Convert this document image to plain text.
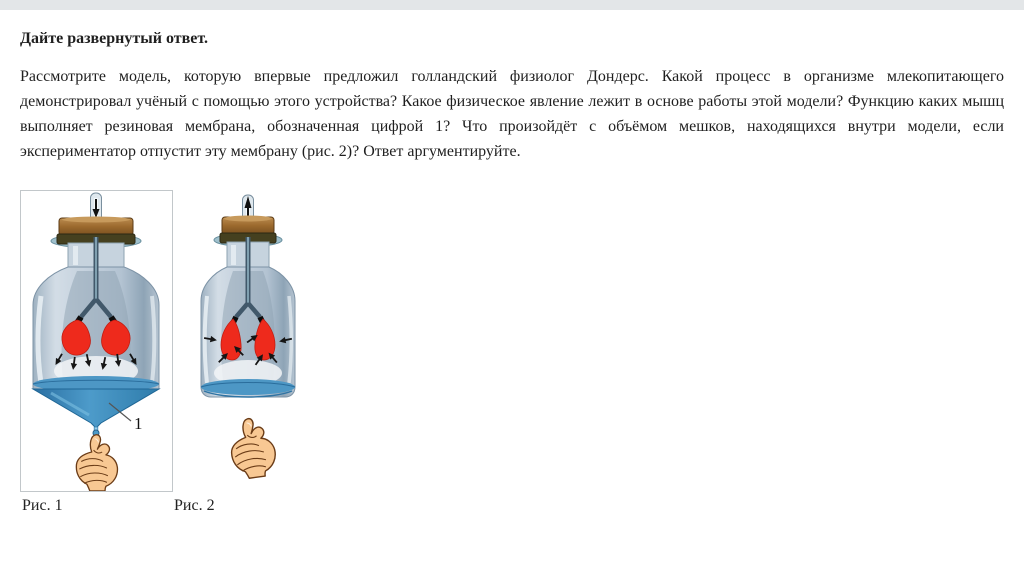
Дайте развернутый ответ.

Рассмотрите модель, которую впервые предложил голландский физиолог Дондерс. Какой процесс в организме млекопитающего демонстрировал учёный с помощью этого устройства? Какое физическое явление лежит в основе работы этой модели? Функцию каких мышц выполняет резиновая мембрана, обозначенная цифрой 1? Что произойдёт с объёмом мешков, находящихся внутри модели, если экспериментатор отпустит эту мембрану (рис. 2)? Ответ аргументируйте.

1
Рис. 1	Рис. 2
